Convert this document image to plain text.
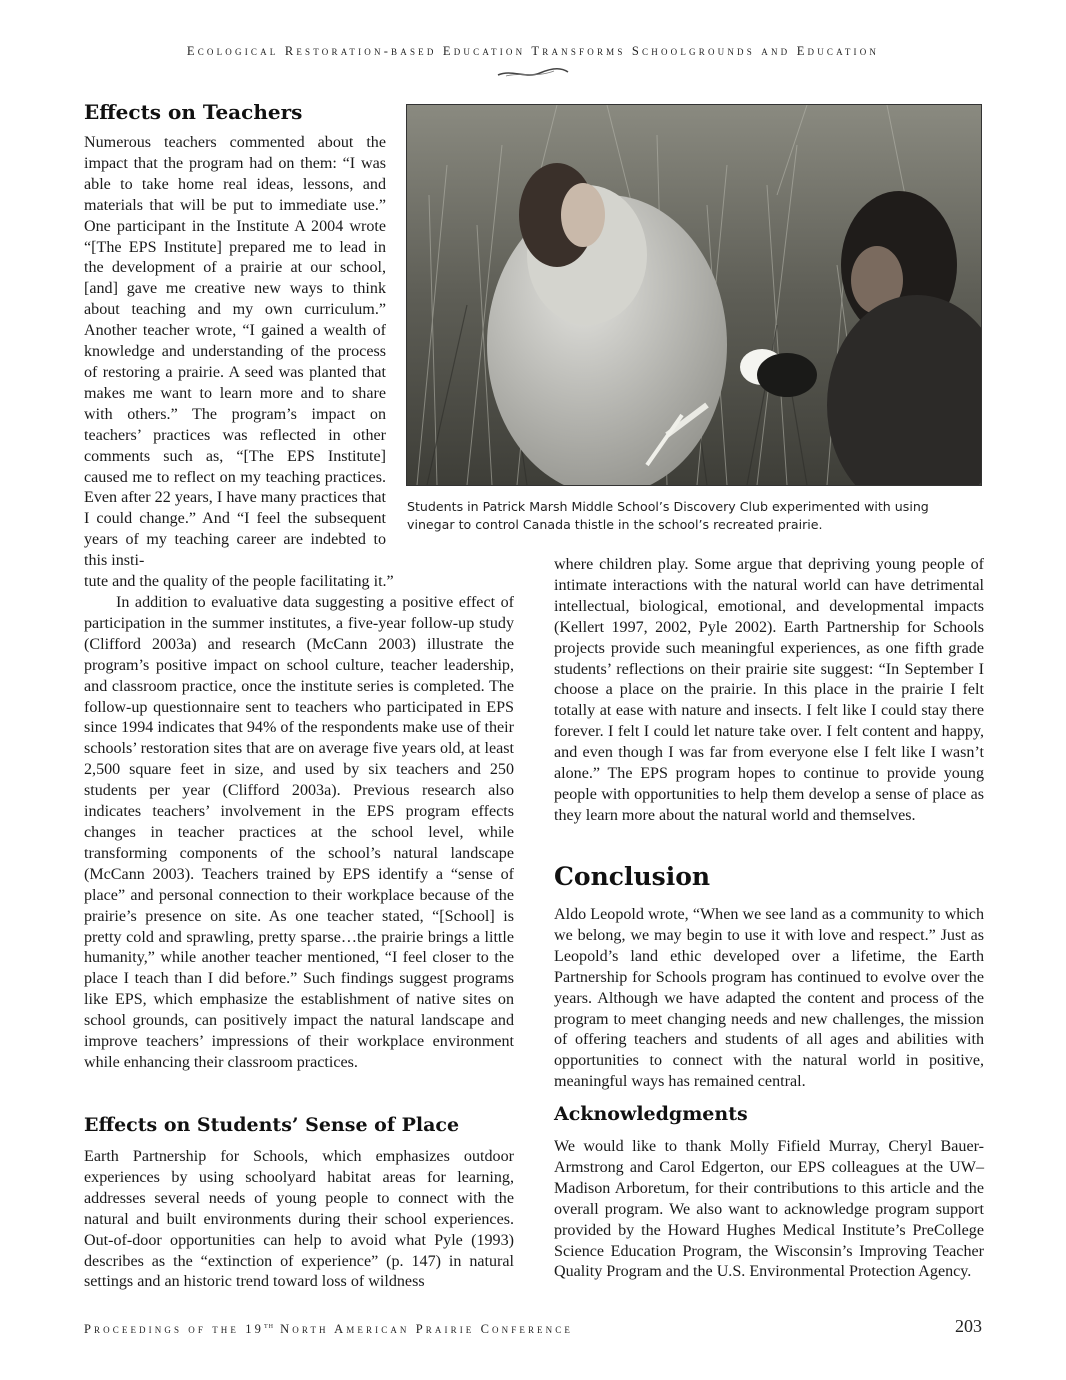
Ecological Restoration-based Education Transforms Schoolgrounds and Education
Effects on Teachers

Numerous teachers commented about the impact that the program had on them: “I was able to take home real ideas, lessons, and materials that will be put to immediate use.” One participant in the Institute A 2004 wrote “[The EPS Institute] prepared me to lead in the development of a prairie at our school, [and] gave me creative new ways to think about teaching and my own curriculum.” Another teacher wrote, “I gained a wealth of knowledge and understanding of the process of restoring a prairie. A seed was planted that makes me want to learn more and to share with others.” The program’s impact on teachers’ practices was reflected in other comments such as, “[The EPS Institute] caused me to reflect on my teaching practices. Even after 22 years, I have many practices that I could change.” And “I feel the subsequent years of my teaching career are indebted to this insti-

tute and the quality of the people facilitating it.”

In addition to evaluative data suggesting a positive effect of participation in the summer institutes, a five-year follow-up study (Clifford 2003a) and research (McCann 2003) illustrate the program’s positive impact on school culture, teacher leadership, and classroom practice, once the institute series is completed. The follow-up questionnaire sent to teachers who participated in EPS since 1994 indicates that 94% of the respondents make use of their schools’ restoration sites that are on average five years old, at least 2,500 square feet in size, and used by six teachers and 250 students per year (Clifford 2003a). Previous research also indicates teachers’ involvement in the EPS program effects changes in teacher practices at the school level, while transforming components of the school’s natural landscape (McCann 2003). Teachers trained by EPS identify a “sense of place” and personal connection to their workplace because of the prairie’s presence on site. As one teacher stated, “[School] is pretty cold and sprawling, pretty sparse…the prairie brings a little humanity,” while another teacher mentioned, “I feel closer to the place I teach than I did before.” Such findings suggest programs like EPS, which emphasize the establishment of native sites on school grounds, can positively impact the natural landscape and improve teachers’ impressions of their workplace environment while enhancing their classroom practices.

Students in Patrick Marsh Middle School’s Discovery Club experimented with using vinegar to control Canada thistle in the school’s recreated prairie.

where children play. Some argue that depriving young people of intimate interactions with the natural world can have detrimental intellectual, biological, emotional, and developmental impacts (Kellert 1997, 2002, Pyle 2002). Earth Partnership for Schools projects provide such meaningful experiences, as one fifth grade students’ reflections on their prairie site suggest: “In September I choose a place on the prairie. In this place in the prairie I felt totally at ease with nature and insects. I felt like I could stay there forever. I felt I could let nature take over. I felt content and happy, and even though I was far from everyone else I felt like I wasn’t alone.” The EPS program hopes to continue to provide young people with opportunities to help them develop a sense of place as they learn more about the natural world and themselves.

Conclusion

Aldo Leopold wrote, “When we see land as a community to which we belong, we may begin to use it with love and respect.” Just as Leopold’s land ethic developed over a lifetime, the Earth Partnership for Schools program has continued to evolve over the years. Although we have adapted the content and process of the program to meet changing needs and new challenges, the mission of offering teachers and students of all ages and abilities with opportunities to connect with the natural world in positive, meaningful ways has remained central.

Effects on Students’ Sense of Place

Earth Partnership for Schools, which emphasizes outdoor experiences by using schoolyard habitat areas for learning, addresses several needs of young people to connect with the natural and built environments during their school experiences. Out-of-door opportunities can help to avoid what Pyle (1993) describes as the “extinction of experience” (p. 147) in natural settings and an historic trend toward loss of wildness

Acknowledgments

We would like to thank Molly Fifield Murray, Cheryl Bauer-Armstrong and Carol Edgerton, our EPS colleagues at the UW–Madison Arboretum, for their contributions to this article and the overall program. We also want to acknowledge program support provided by the Howard Hughes Medical Institute’s PreCollege Science Education Program, the Wisconsin’s Improving Teacher Quality Program and the U.S. Environmental Protection Agency.

Proceedings of the 19th North American Prairie Conference	203
